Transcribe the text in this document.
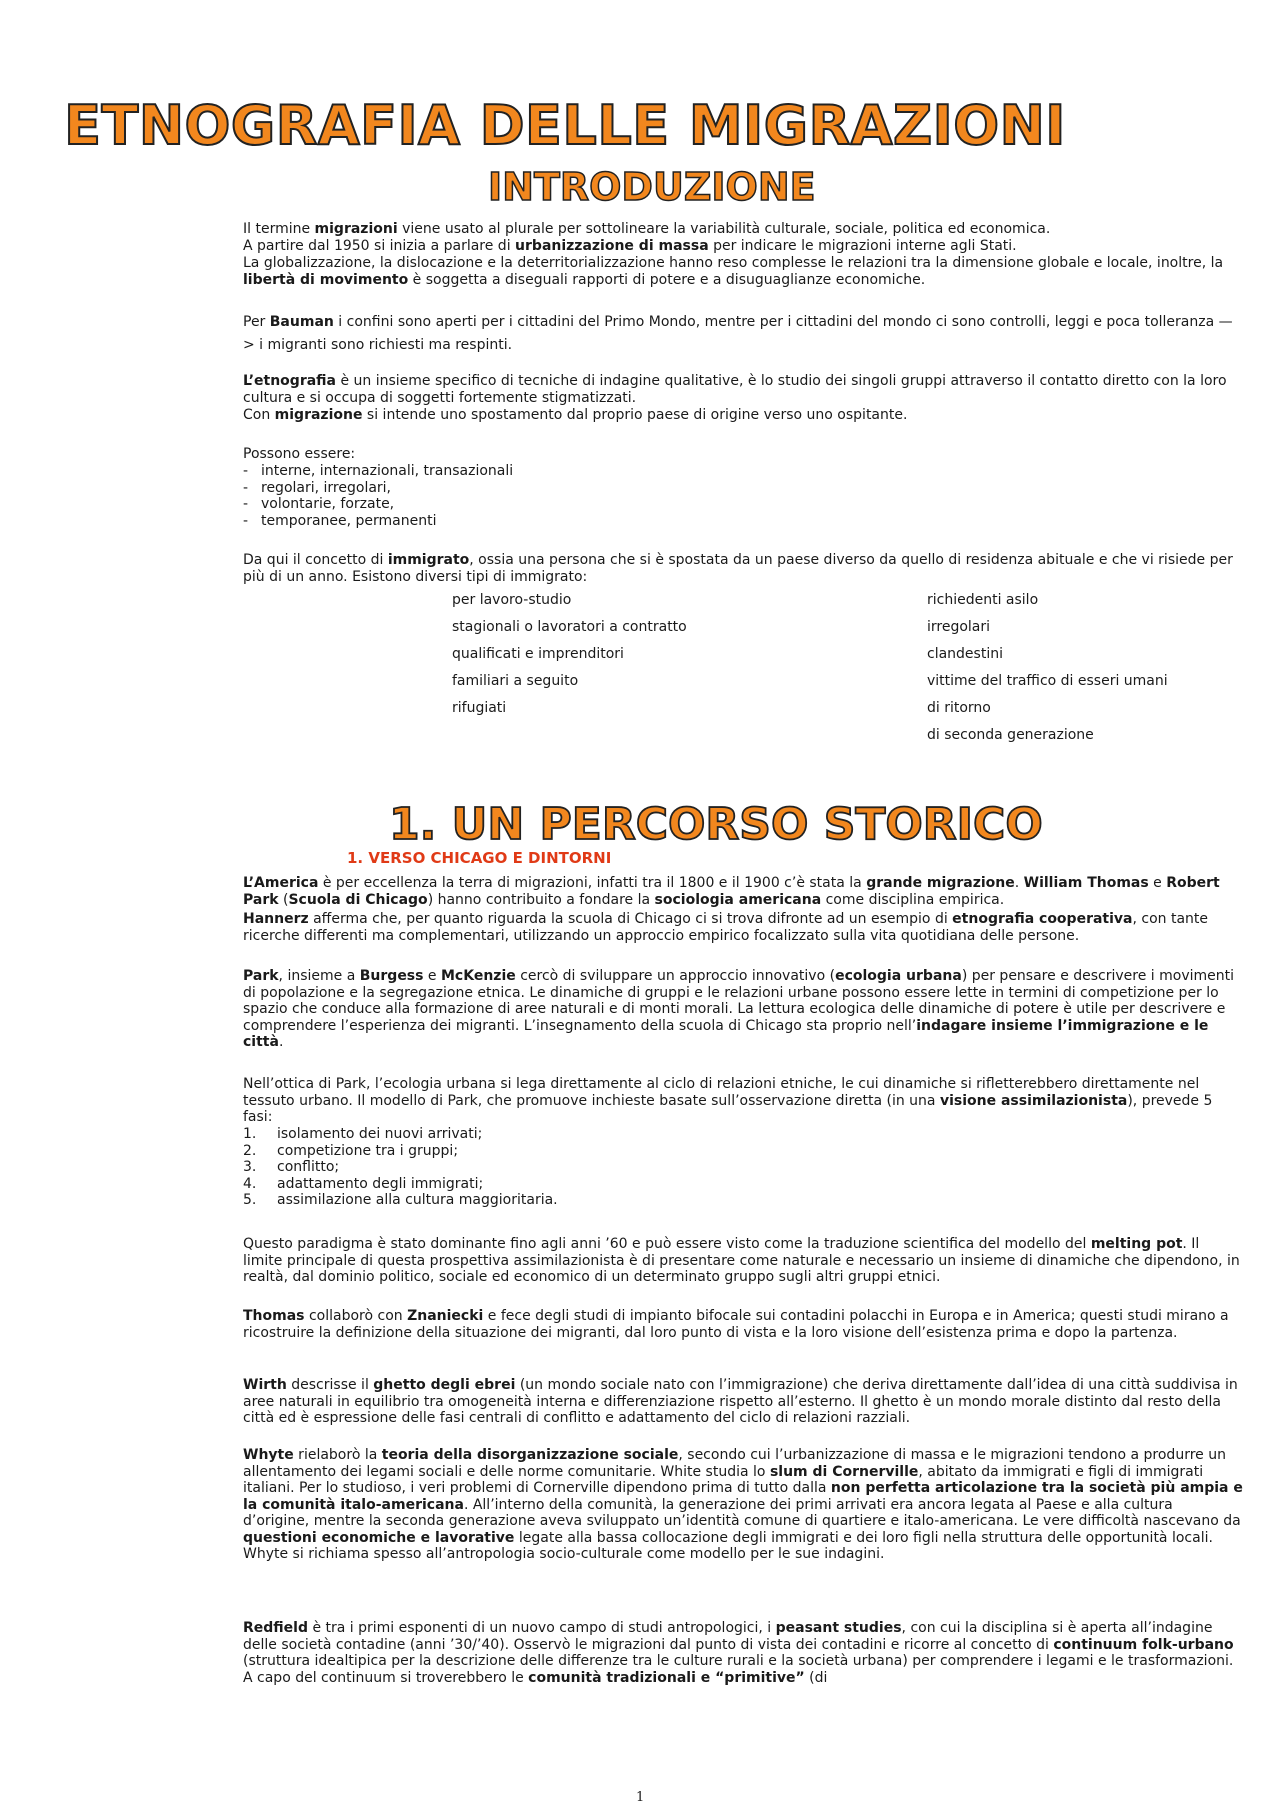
ETNOGRAFIA DELLE MIGRAZIONI
INTRODUZIONE

Il termine migrazioni viene usato al plurale per sottolineare la variabilità culturale, sociale, politica ed economica.

A partire dal 1950 si inizia a parlare di urbanizzazione di massa per indicare le migrazioni interne agli Stati.

La globalizzazione, la dislocazione e la deterritorializzazione hanno reso complesse le relazioni tra la dimensione globale e locale, inoltre, la libertà di movimento è soggetta a diseguali rapporti di potere e a disuguaglianze economiche.

Per Bauman i confini sono aperti per i cittadini del Primo Mondo, mentre per i cittadini del mondo ci sono controlli, leggi e poca tolleranza —> i migranti sono richiesti ma respinti.

L’etnografia è un insieme specifico di tecniche di indagine qualitative, è lo studio dei singoli gruppi attraverso il contatto diretto con la loro cultura e si occupa di soggetti fortemente stigmatizzati.

Con migrazione si intende uno spostamento dal proprio paese di origine verso uno ospitante.

Possono essere:

- interne, internazionali, transazionali
- regolari, irregolari,
- volontarie, forzate,
- temporanee, permanenti

Da qui il concetto di immigrato, ossia una persona che si è spostata da un paese diverso da quello di residenza abituale e che vi risiede per più di un anno. Esistono diversi tipi di immigrato:

per lavoro-studio
stagionali o lavoratori a contratto
qualificati e imprenditori
familiari a seguito
rifugiati
richiedenti asilo
irregolari
clandestini
vittime del traffico di esseri umani
di ritorno
di seconda generazione
1. UN PERCORSO STORICO
1. VERSO CHICAGO E DINTORNI

L’America è per eccellenza la terra di migrazioni, infatti tra il 1800 e il 1900 c’è stata la grande migrazione. William Thomas e Robert Park (Scuola di Chicago) hanno contribuito a fondare la sociologia americana come disciplina empirica.

Hannerz afferma che, per quanto riguarda la scuola di Chicago ci si trova difronte ad un esempio di etnografia cooperativa, con tante ricerche differenti ma complementari, utilizzando un approccio empirico focalizzato sulla vita quotidiana delle persone.

Park, insieme a Burgess e McKenzie cercò di sviluppare un approccio innovativo (ecologia urbana) per pensare e descrivere i movimenti di popolazione e la segregazione etnica. Le dinamiche di gruppi e le relazioni urbane possono essere lette in termini di competizione per lo spazio che conduce alla formazione di aree naturali e di monti morali. La lettura ecologica delle dinamiche di potere è utile per descrivere e comprendere l’esperienza dei migranti. L’insegnamento della scuola di Chicago sta proprio nell’indagare insieme l’immigrazione e le città.

Nell’ottica di Park, l’ecologia urbana si lega direttamente al ciclo di relazioni etniche, le cui dinamiche si rifletterebbero direttamente nel tessuto urbano. Il modello di Park, che promuove inchieste basate sull’osservazione diretta (in una visione assimilazionista), prevede 5 fasi:

1. isolamento dei nuovi arrivati;
2. competizione tra i gruppi;
3. conflitto;
4. adattamento degli immigrati;
5. assimilazione alla cultura maggioritaria.

Questo paradigma è stato dominante fino agli anni ’60 e può essere visto come la traduzione scientifica del modello del melting pot. Il limite principale di questa prospettiva assimilazionista è di presentare come naturale e necessario un insieme di dinamiche che dipendono, in realtà, dal dominio politico, sociale ed economico di un determinato gruppo sugli altri gruppi etnici.

Thomas collaborò con Znaniecki e fece degli studi di impianto bifocale sui contadini polacchi in Europa e in America; questi studi mirano a ricostruire la definizione della situazione dei migranti, dal loro punto di vista e la loro visione dell’esistenza prima e dopo la partenza.

Wirth descrisse il ghetto degli ebrei (un mondo sociale nato con l’immigrazione) che deriva direttamente dall’idea di una città suddivisa in aree naturali in equilibrio tra omogeneità interna e differenziazione rispetto all’esterno. Il ghetto è un mondo morale distinto dal resto della città ed è espressione delle fasi centrali di conflitto e adattamento del ciclo di relazioni razziali.

Whyte rielaborò la teoria della disorganizzazione sociale, secondo cui l’urbanizzazione di massa e le migrazioni tendono a produrre un allentamento dei legami sociali e delle norme comunitarie. White studia lo slum di Cornerville, abitato da immigrati e figli di immigrati italiani. Per lo studioso, i veri problemi di Cornerville dipendono prima di tutto dalla non perfetta articolazione tra la società più ampia e la comunità italo-americana. All’interno della comunità, la generazione dei primi arrivati era ancora legata al Paese e alla cultura d’origine, mentre la seconda generazione aveva sviluppato un’identità comune di quartiere e italo-americana. Le vere difficoltà nascevano da questioni economiche e lavorative legate alla bassa collocazione degli immigrati e dei loro figli nella struttura delle opportunità locali. Whyte si richiama spesso all’antropologia socio-culturale come modello per le sue indagini.

Redfield è tra i primi esponenti di un nuovo campo di studi antropologici, i peasant studies, con cui la disciplina si è aperta all’indagine delle società contadine (anni ’30/’40). Osservò le migrazioni dal punto di vista dei contadini e ricorre al concetto di continuum folk-urbano (struttura idealtipica per la descrizione delle differenze tra le culture rurali e la società urbana) per comprendere i legami e le trasformazioni. A capo del continuum si troverebbero le comunità tradizionali e “primitive” (di

1
